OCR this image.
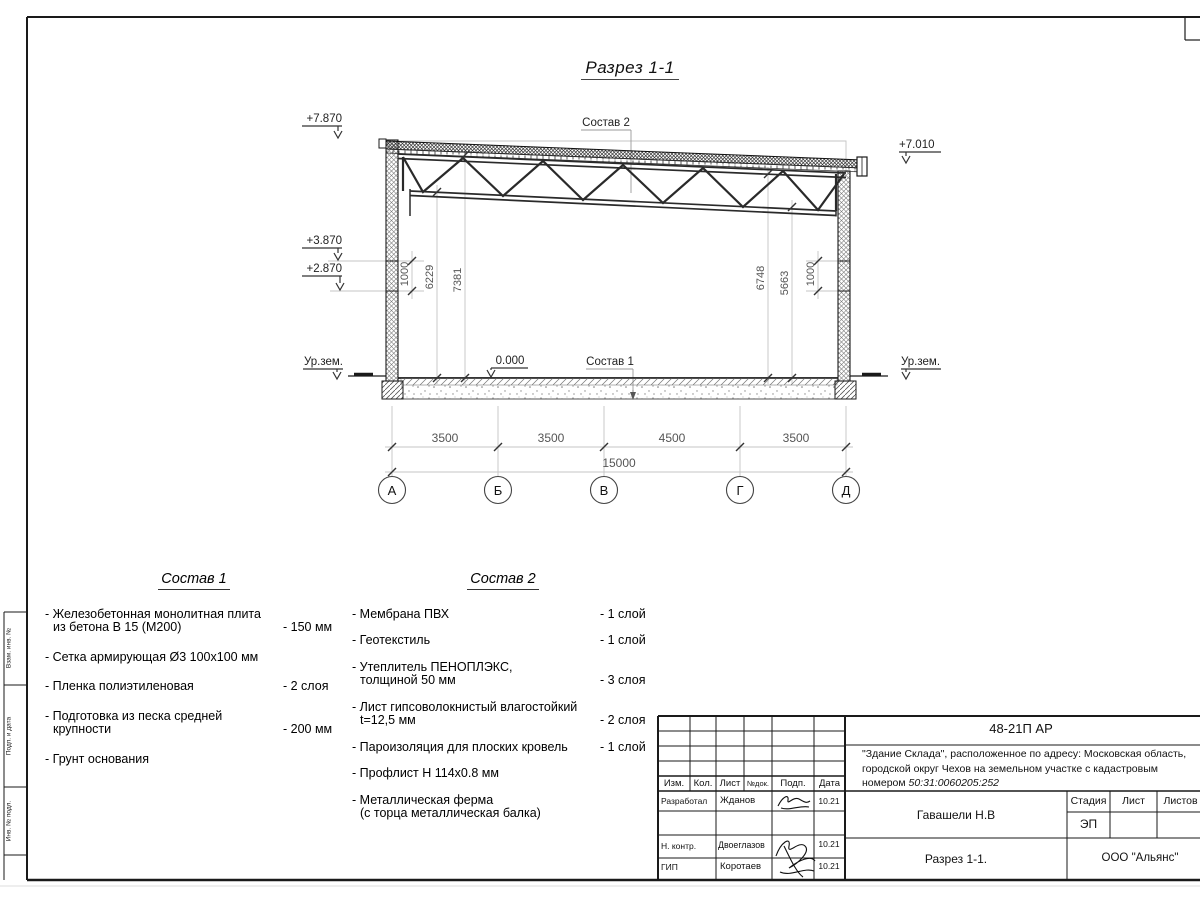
+7.870
+3.870
+2.870
Ур.зем.	0.000
+7.010
Ур.зем.
Состав 2
Состав 1
1000 6229 7381	6748 5663 1000
3500	3500	4500	3500
15000
А	Б	В	Г	Д
Разрез 1-1
Состав 1
- Железобетонная монолитная плита
из бетона В 15 (М200)	- 150 мм
- Сетка армирующая Ø3 100х100 мм
- Пленка полиэтиленовая	- 2 слоя
- Подготовка из песка средней
крупности	- 200 мм
- Грунт основания
Состав 2
- Мембрана ПВХ	- 1 слой
- Геотекстиль	- 1 слой
- Утеплитель ПЕНОПЛЭКС,
толщиной 50 мм	- 3 слоя
- Лист гипсоволокнистый влагостойкий
t=12,5 мм	- 2 слоя
- Пароизоляция для плоских кровель	- 1 слой
- Профлист Н 114х0.8 мм
- Металлическая ферма
(с торца металлическая балка)
48-21П АР
"Здание Склада", расположенное по адресу: Московская область,
городской округ Чехов на земельном участке с кадастровым
номером 50:31:0060205:252
Изм. Кол. Лист №док.	Подп.	Дата
Разработал Жданов	10.21
Н. контр. Двоеглазов	10.21
ГИП	Коротаев	10.21
Гавашели Н.В
Стадия	Лист	Листов
ЭП
Разрез 1-1.	ООО "Альянс"
Взам. инв. №
Подп. и дата
Инв. № подл.
